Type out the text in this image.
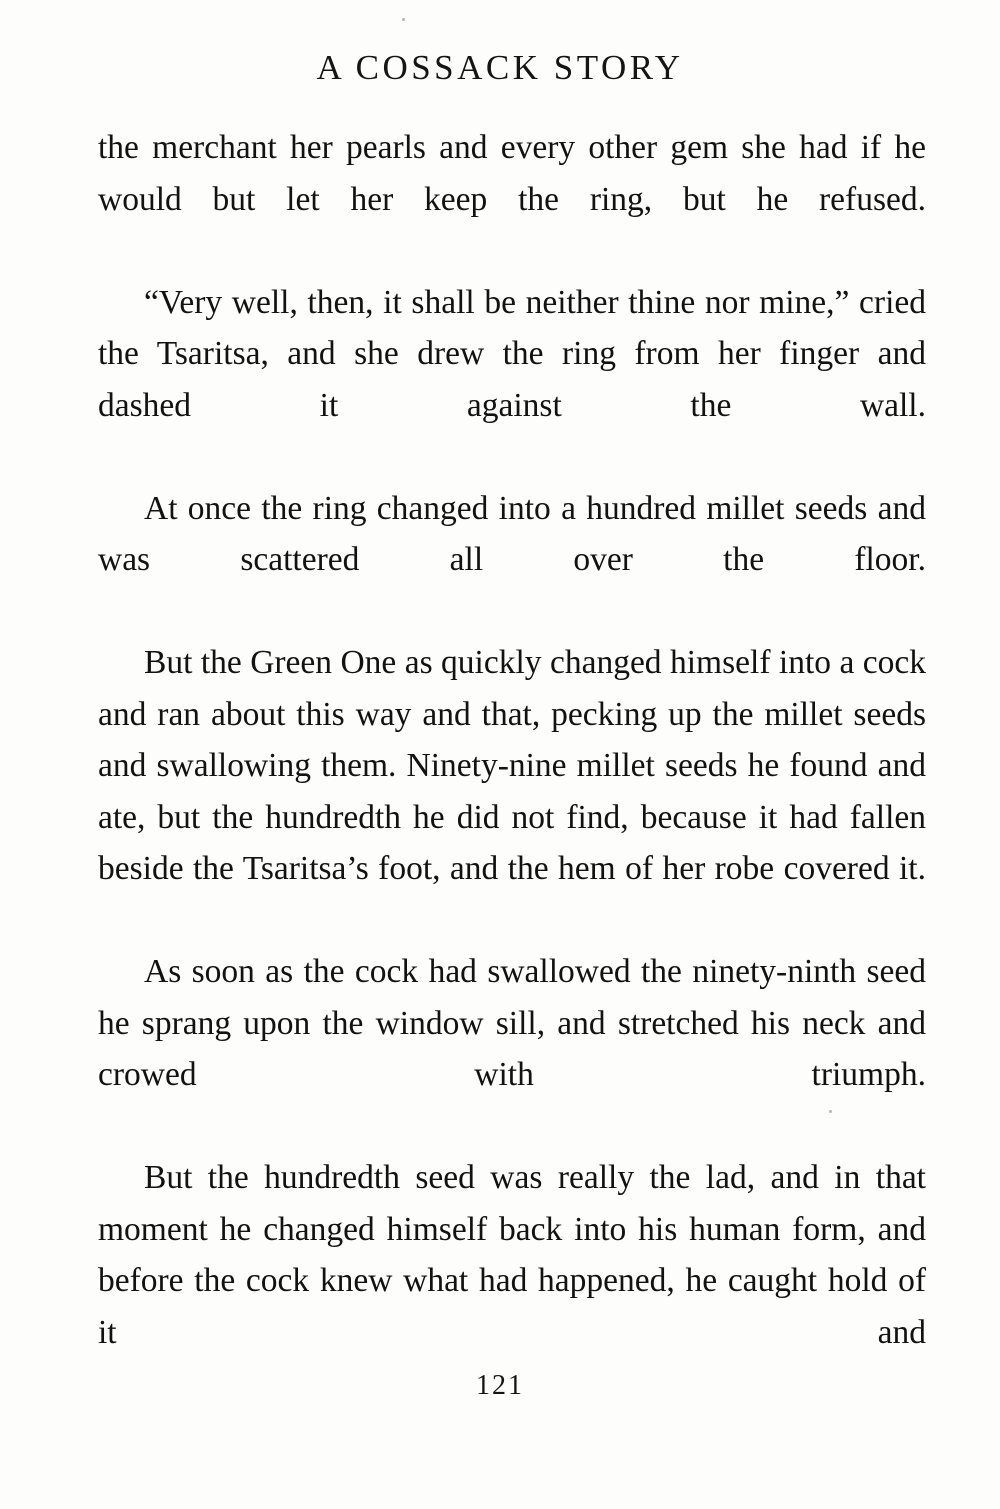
A COSSACK STORY

the merchant her pearls and every other gem she had if he would but let her keep the ring, but he refused.

“Very well, then, it shall be neither thine nor mine,” cried the Tsaritsa, and she drew the ring from her finger and dashed it against the wall.

At once the ring changed into a hundred millet seeds and was scattered all over the floor.

But the Green One as quickly changed himself into a cock and ran about this way and that, pecking up the millet seeds and swallowing them. Ninety-nine millet seeds he found and ate, but the hundredth he did not find, because it had fallen beside the Tsaritsa’s foot, and the hem of her robe covered it.

As soon as the cock had swallowed the ninety-ninth seed he sprang upon the window sill, and stretched his neck and crowed with triumph.

But the hundredth seed was really the lad, and in that moment he changed himself back into his human form, and before the cock knew what had happened, he caught hold of it and

121
